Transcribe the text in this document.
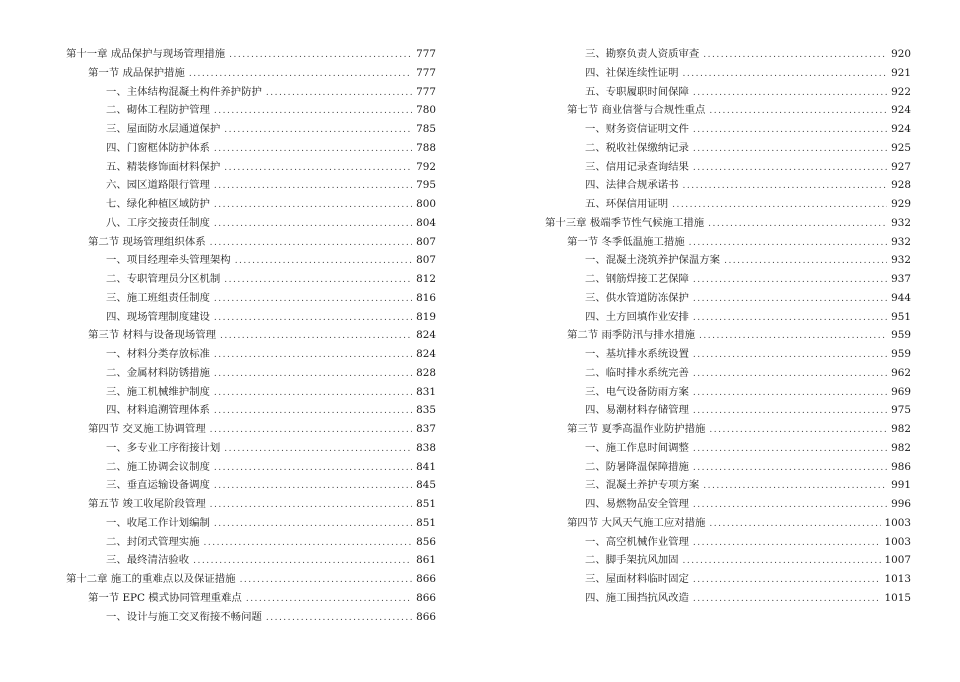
第十一章 成品保护与现场管理措施 .....	777
第一节 成品保护措施 .....	777
一、主体结构混凝土构件养护防护 .....	777
二、砌体工程防护管理 .....	780
三、屋面防水层通道保护 .....	785
四、门窗框体防护体系 .....	788
五、精装修饰面材料保护 .....	792
六、园区道路限行管理 .....	795
七、绿化种植区域防护 .....	800
八、工序交接责任制度 .....	804
第二节 现场管理组织体系 .....	807
一、项目经理牵头管理架构 .....	807
二、专职管理员分区机制 .....	812
三、施工班组责任制度 .....	816
四、现场管理制度建设 .....	819
第三节 材料与设备现场管理 .....	824
一、材料分类存放标准 .....	824
二、金属材料防锈措施 .....	828
三、施工机械维护制度 .....	831
四、材料追溯管理体系 .....	835
第四节 交叉施工协调管理 .....	837
一、多专业工序衔接计划 .....	838
二、施工协调会议制度 .....	841
三、垂直运输设备调度 .....	845
第五节 竣工收尾阶段管理 .....	851
一、收尾工作计划编制 .....	851
二、封闭式管理实施 .....	856
三、最终清洁验收 .....	861
第十二章 施工的重难点以及保证措施 .....	866
第一节 EPC 模式协同管理重难点 .....	866
一、设计与施工交叉衔接不畅问题 .....	866
三、勘察负责人资质审查 .....	920
四、社保连续性证明 .....	921
五、专职履职时间保障 .....	922
第七节 商业信誉与合规性重点 .....	924
一、财务资信证明文件 .....	924
二、税收社保缴纳记录 .....	925
三、信用记录查询结果 .....	927
四、法律合规承诺书 .....	928
五、环保信用证明 .....	929
第十三章 极端季节性气候施工措施 .....	932
第一节 冬季低温施工措施 .....	932
一、混凝土浇筑养护保温方案 .....	932
二、钢筋焊接工艺保障 .....	937
三、供水管道防冻保护 .....	944
四、土方回填作业安排 .....	951
第二节 雨季防汛与排水措施 .....	959
一、基坑排水系统设置 .....	959
二、临时排水系统完善 .....	962
三、电气设备防雨方案 .....	969
四、易潮材料存储管理 .....	975
第三节 夏季高温作业防护措施 .....	982
一、施工作息时间调整 .....	982
二、防暑降温保障措施 .....	986
三、混凝土养护专项方案 .....	991
四、易燃物品安全管理 .....	996
第四节 大风天气施工应对措施 .....	1003
一、高空机械作业管理 .....	1003
二、脚手架抗风加固 .....	1007
三、屋面材料临时固定 .....	1013
四、施工围挡抗风改造 .....	1015
